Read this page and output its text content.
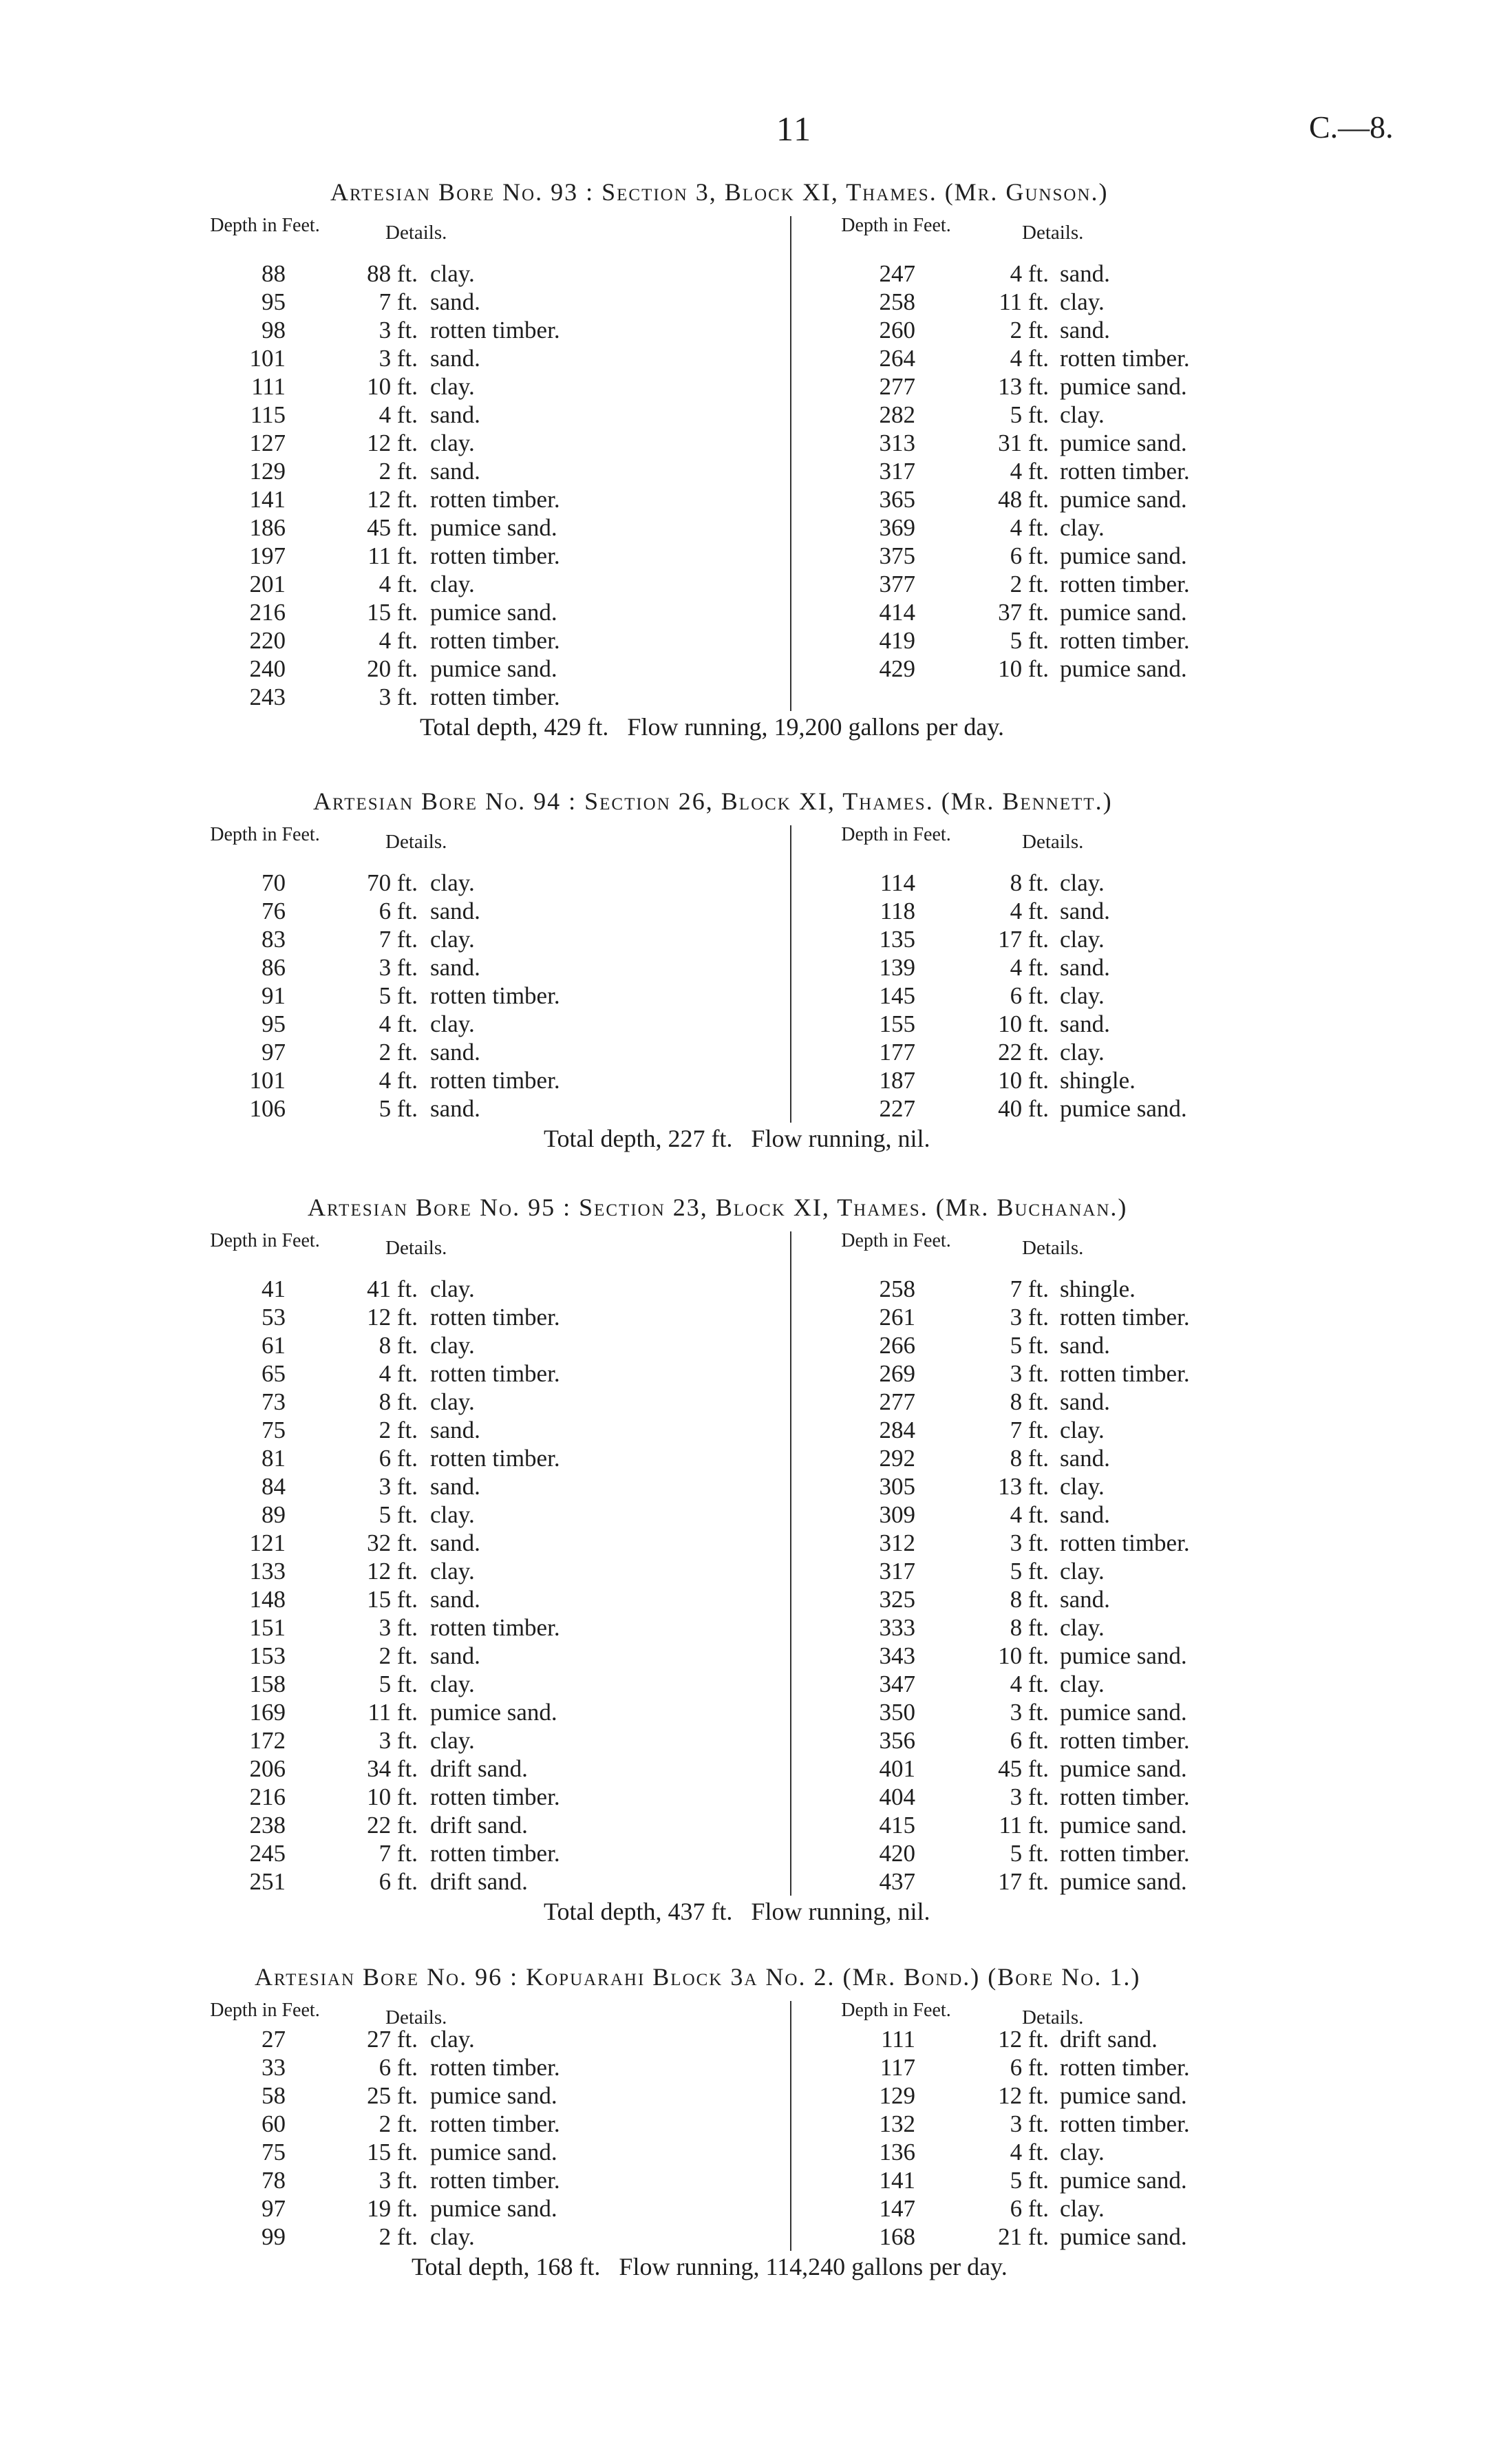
11	C.—8.
Artesian Bore No. 93 : Section 3, Block XI, Thames. (Mr. Gunson.)
Depth in Feet.	Details.	Depth in Feet.	Details.
88	88 ft. clay.
95	7 ft. sand.
98	3 ft. rotten timber.
101	3 ft. sand.
111	10 ft. clay.
115	4 ft. sand.
127	12 ft. clay.
129	2 ft. sand.
141	12 ft. rotten timber.
186	45 ft. pumice sand.
197	11 ft. rotten timber.
201	4 ft. clay.
216	15 ft. pumice sand.
220	4 ft. rotten timber.
240	20 ft. pumice sand.
243	3 ft. rotten timber.
247	4 ft. sand.
258	11 ft. clay.
260	2 ft. sand.
264	4 ft. rotten timber.
277	13 ft. pumice sand.
282	5 ft. clay.
313	31 ft. pumice sand.
317	4 ft. rotten timber.
365	48 ft. pumice sand.
369	4 ft. clay.
375	6 ft. pumice sand.
377	2 ft. rotten timber.
414	37 ft. pumice sand.
419	5 ft. rotten timber.
429	10 ft. pumice sand.
Total depth, 429 ft.   Flow running, 19,200 gallons per day.
Artesian Bore No. 94 : Section 26, Block XI, Thames. (Mr. Bennett.)
Depth in Feet.	Details.	Depth in Feet.	Details.
70	70 ft. clay.
76	6 ft. sand.
83	7 ft. clay.
86	3 ft. sand.
91	5 ft. rotten timber.
95	4 ft. clay.
97	2 ft. sand.
101	4 ft. rotten timber.
106	5 ft. sand.
114	8 ft. clay.
118	4 ft. sand.
135	17 ft. clay.
139	4 ft. sand.
145	6 ft. clay.
155	10 ft. sand.
177	22 ft. clay.
187	10 ft. shingle.
227	40 ft. pumice sand.
Total depth, 227 ft.   Flow running, nil.
Artesian Bore No. 95 : Section 23, Block XI, Thames. (Mr. Buchanan.)
Depth in Feet.	Details.	Depth in Feet.	Details.
41	41 ft. clay.
53	12 ft. rotten timber.
61	8 ft. clay.
65	4 ft. rotten timber.
73	8 ft. clay.
75	2 ft. sand.
81	6 ft. rotten timber.
84	3 ft. sand.
89	5 ft. clay.
121	32 ft. sand.
133	12 ft. clay.
148	15 ft. sand.
151	3 ft. rotten timber.
153	2 ft. sand.
158	5 ft. clay.
169	11 ft. pumice sand.
172	3 ft. clay.
206	34 ft. drift sand.
216	10 ft. rotten timber.
238	22 ft. drift sand.
245	7 ft. rotten timber.
251	6 ft. drift sand.
258	7 ft. shingle.
261	3 ft. rotten timber.
266	5 ft. sand.
269	3 ft. rotten timber.
277	8 ft. sand.
284	7 ft. clay.
292	8 ft. sand.
305	13 ft. clay.
309	4 ft. sand.
312	3 ft. rotten timber.
317	5 ft. clay.
325	8 ft. sand.
333	8 ft. clay.
343	10 ft. pumice sand.
347	4 ft. clay.
350	3 ft. pumice sand.
356	6 ft. rotten timber.
401	45 ft. pumice sand.
404	3 ft. rotten timber.
415	11 ft. pumice sand.
420	5 ft. rotten timber.
437	17 ft. pumice sand.
Total depth, 437 ft.   Flow running, nil.
Artesian Bore No. 96 : Kopuarahi Block 3a No. 2. (Mr. Bond.) (Bore No. 1.)
Depth in Feet.	Details.	Depth in Feet.	Details.
27	27 ft. clay.
33	6 ft. rotten timber.
58	25 ft. pumice sand.
60	2 ft. rotten timber.
75	15 ft. pumice sand.
78	3 ft. rotten timber.
97	19 ft. pumice sand.
99	2 ft. clay.
111	12 ft. drift sand.
117	6 ft. rotten timber.
129	12 ft. pumice sand.
132	3 ft. rotten timber.
136	4 ft. clay.
141	5 ft. pumice sand.
147	6 ft. clay.
168	21 ft. pumice sand.
Total depth, 168 ft.   Flow running, 114,240 gallons per day.
